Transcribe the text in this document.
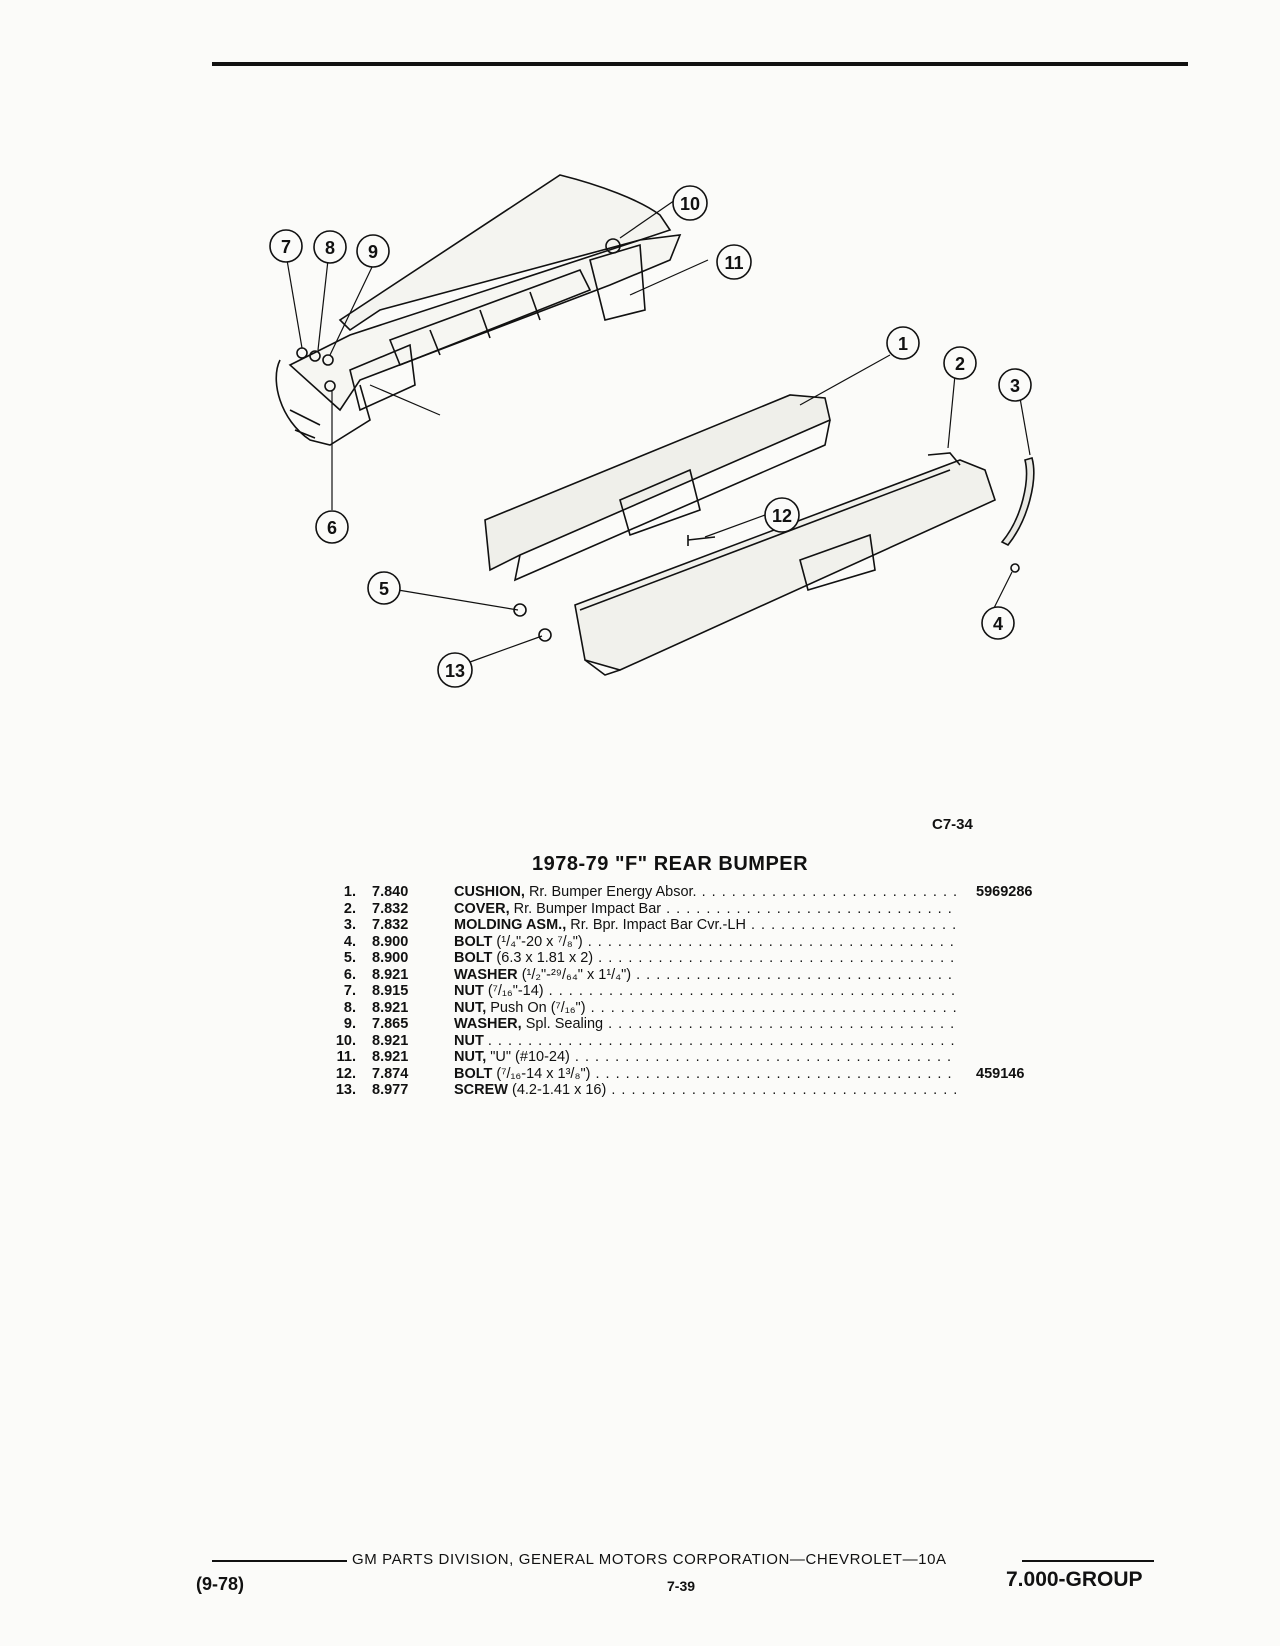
1
2
3
4
5
6
7 8 9
10
11
12
13
C7-34
1978-79 "F" REAR BUMPER
1. 7.840	CUSHION, Rr. Bumper Energy Absor. . . .	5969286
2. 7.832	COVER, Rr. Bumper Impact Bar . . .
3. 7.832	MOLDING ASM., Rr. Bpr. Impact Bar Cvr.-LH . . .
4. 8.900	BOLT (¹/₄"-20 x ⁷/₈") . . .
5. 8.900	BOLT (6.3 x 1.81 x 2) . . .
6. 8.921	WASHER (¹/₂"-²⁹/₆₄" x 1¹/₄") . . .
7. 8.915	NUT (⁷/₁₆"-14) . . .
8. 8.921	NUT, Push On (⁷/₁₆") . . .
9. 7.865	WASHER, Spl. Sealing . . .
10. 8.921	NUT . . .
11. 8.921	NUT, "U" (#10-24) . . .
12. 7.874	BOLT (⁷/₁₆-14 x 1³/₈") . . .	459146
13. 8.977	SCREW (4.2-1.41 x 16) . . .
GM PARTS DIVISION, GENERAL MOTORS CORPORATION—CHEVROLET—10A
(9-78)	7-39	7.000-GROUP
